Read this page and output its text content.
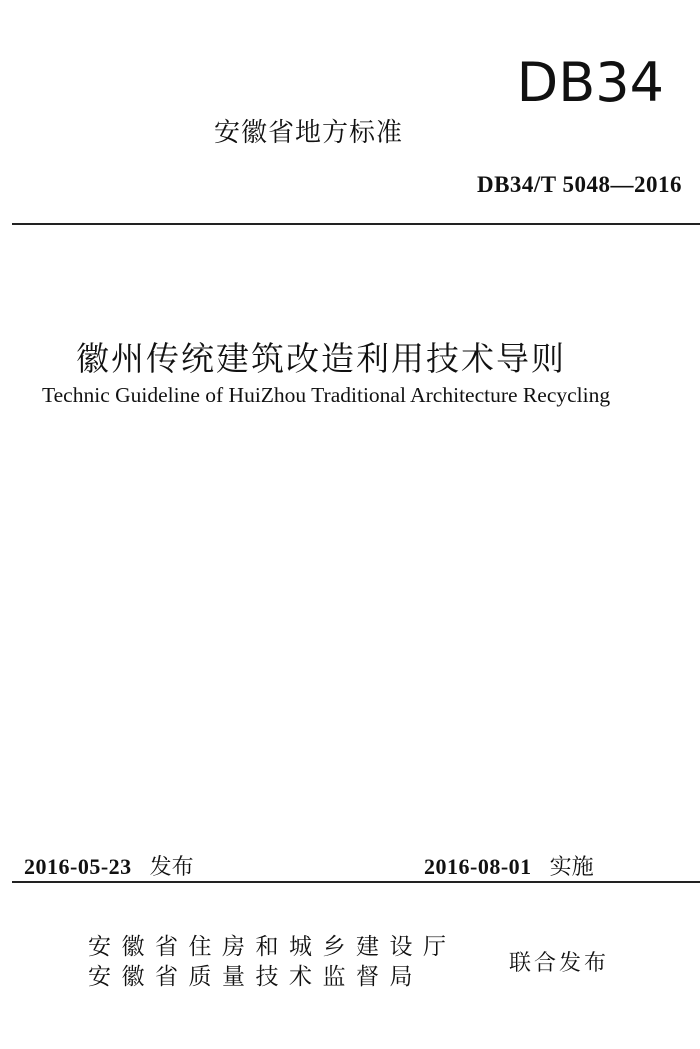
DB34
安徽省地方标准
DB34/T 5048—2016
徽州传统建筑改造利用技术导则
Technic Guideline of HuiZhou Traditional Architecture Recycling
2016-05-23 发布	2016-08-01 实施
安徽省住房和城乡建设厅
安徽省质量技术监督局
联合发布
